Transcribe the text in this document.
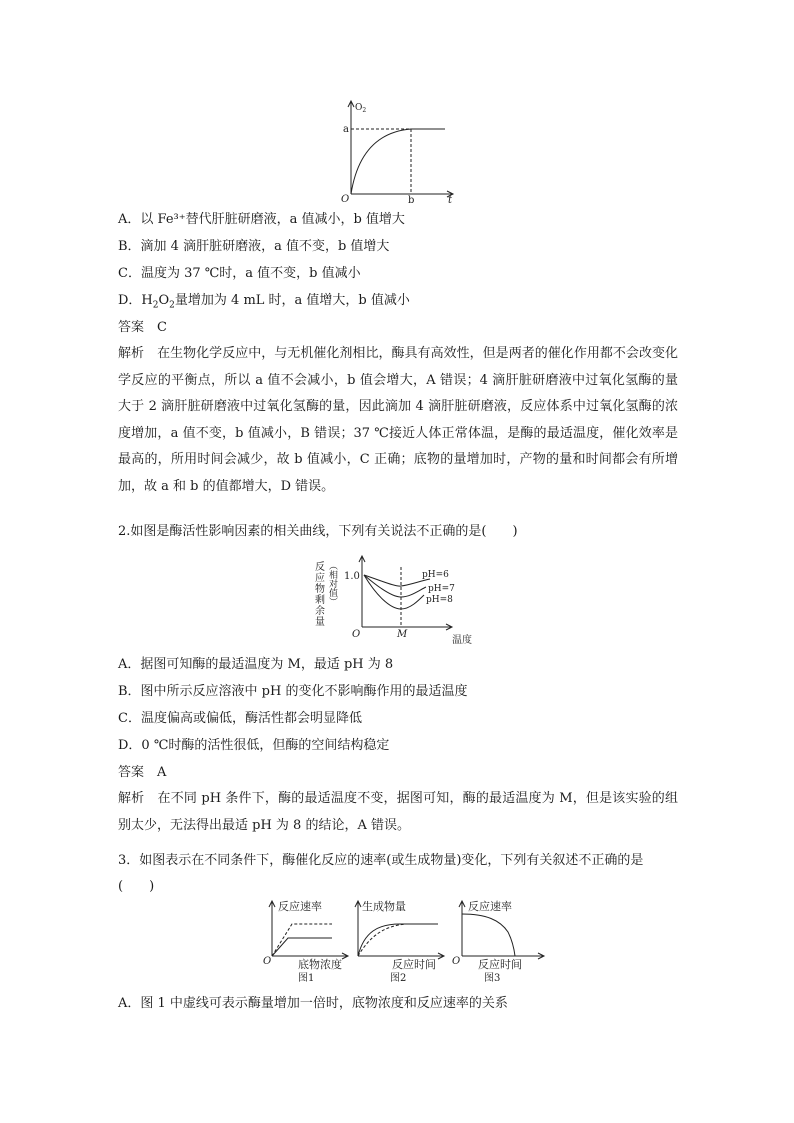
$O_2$
a
O	b	t
A．以 Fe³⁺替代肝脏研磨液，a 值减小，b 值增大
B．滴加 4 滴肝脏研磨液，a 值不变，b 值增大
C．温度为 37 ℃时，a 值不变，b 值减小
D．$H_2O_2$量增加为 4 mL 时，a 值增大，b 值减小
答案　C
解析　在生物化学反应中，与无机催化剂相比，酶具有高效性，但是两者的催化作用都不会改变化学反应的平衡点，所以 a 值不会减小，b 值会增大，A 错误；4 滴肝脏研磨液中过氧化氢酶的量大于 2 滴肝脏研磨液中过氧化氢酶的量，因此滴加 4 滴肝脏研磨液，反应体系中过氧化氢酶的浓度增加，a 值不变，b 值减小，B 错误；37 ℃接近人体正常体温，是酶的最适温度，催化效率是最高的，所用时间会减少，故 b 值减小，C 正确；底物的量增加时，产物的量和时间都会有所增加，故 a 和 b 的值都增大，D 错误。
2.如图是酶活性影响因素的相关曲线，下列有关说法不正确的是(　　)
反应物剩余量 （相对值） 1.0
O	M
温度
pH=6
pH=7
pH=8
A．据图可知酶的最适温度为 M，最适 pH 为 8
B．图中所示反应溶液中 pH 的变化不影响酶作用的最适温度
C．温度偏高或偏低，酶活性都会明显降低
D．0 ℃时酶的活性很低，但酶的空间结构稳定
答案　A
解析　在不同 pH 条件下，酶的最适温度不变，据图可知，酶的最适温度为 M，但是该实验的组别太少，无法得出最适 pH 为 8 的结论，A 错误。
3．如图表示在不同条件下，酶催化反应的速率(或生成物量)变化，下列有关叙述不正确的是
(　　)
反应速率
O 底物浓度
图1
生成物量
反应时间
图2
反应速率
O 反应时间
图3
A．图 1 中虚线可表示酶量增加一倍时，底物浓度和反应速率的关系
